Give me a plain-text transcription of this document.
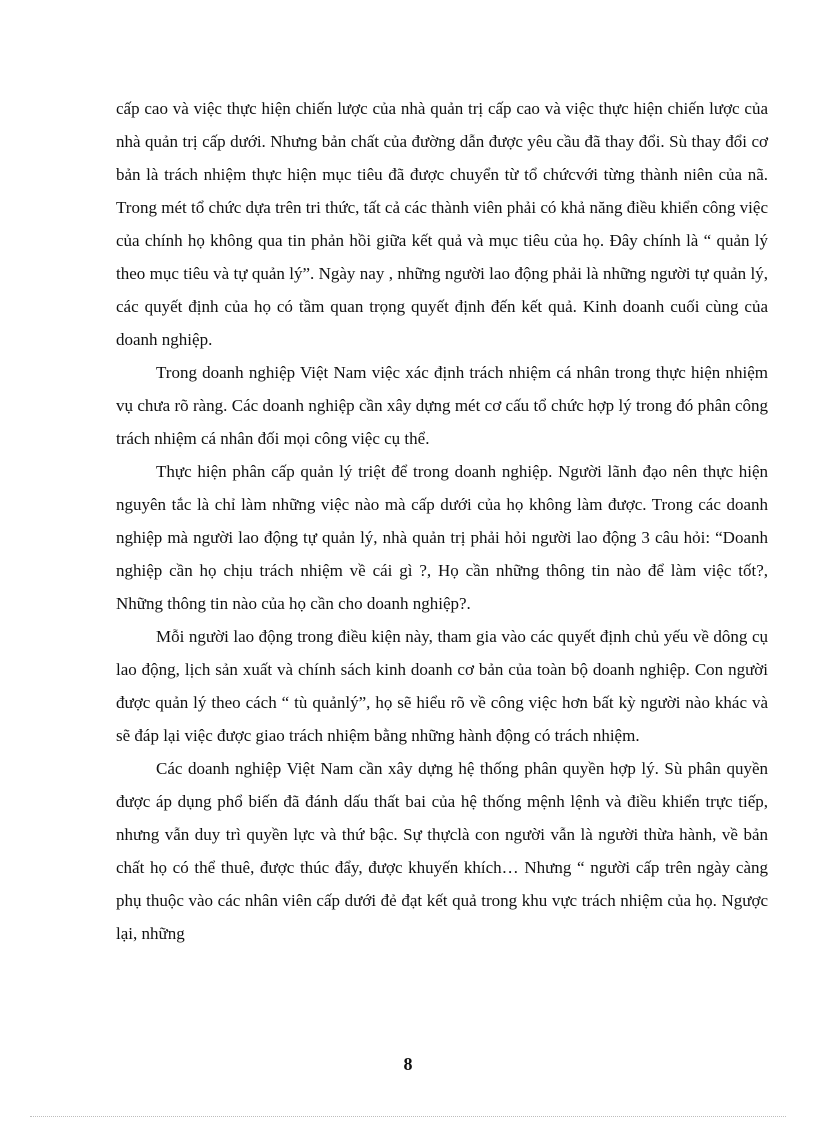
cấp cao và việc thực hiện chiến lược của nhà quản trị cấp cao và việc thực hiện chiến lược của nhà quản trị cấp dưới. Nhưng bản chất của đường dẫn được yêu cầu đã thay đổi. Sù thay đổi cơ bản là trách nhiệm thực hiện mục tiêu đã được chuyển từ tổ chứcvới từng thành niên của nã. Trong mét tổ chức dựa trên tri thức, tất cả các thành viên phải có khả năng điều khiển công việc của chính họ không qua tin phản hồi giữa kết quả và mục tiêu của họ. Đây chính là “ quản lý theo mục tiêu và tự quản lý”. Ngày nay , những người lao động phải là những người tự quản lý, các quyết định của họ có tầm quan trọng quyết định đến kết quả. Kinh doanh cuối cùng của doanh nghiệp.

Trong doanh nghiệp Việt Nam việc xác định trách nhiệm cá nhân trong thực hiện nhiệm vụ chưa rõ ràng. Các doanh nghiệp cần xây dựng mét cơ cấu tổ chức hợp lý trong đó phân công trách nhiệm cá nhân đối mọi công việc cụ thể.

Thực hiện phân cấp quản lý triệt để trong doanh nghiệp. Người lãnh đạo nên thực hiện nguyên tắc là chỉ làm những việc nào mà cấp dưới của họ không làm được. Trong các doanh nghiệp mà người lao động tự quản lý, nhà quản trị phải hỏi người lao động 3 câu hỏi: “Doanh nghiệp cần họ chịu trách nhiệm về cái gì ?, Họ cần những thông tin nào để làm việc tốt?, Những thông tin nào của họ cần cho doanh nghiệp?.

Mỗi người lao động trong điều kiện này, tham gia vào các quyết định chủ yếu về dông cụ lao động, lịch sản xuất và chính sách kinh doanh cơ bản của toàn bộ doanh nghiệp. Con người được quản lý theo cách “ tù quảnlý”, họ sẽ hiểu rõ về công việc hơn bất kỳ người nào khác và sẽ đáp lại việc được giao trách nhiệm bằng những hành động có trách nhiệm.

Các doanh nghiệp Việt Nam cần xây dựng hệ thống phân quyền hợp lý. Sù phân quyền được áp dụng phổ biến đã đánh dấu thất bai của hệ thống mệnh lệnh và điều khiển trực tiếp, nhưng vẫn duy trì quyền lực và thứ bậc. Sự thựclà con người vẫn là người thừa hành, về bản chất họ có thể thuê, được thúc đẩy, được khuyến khích… Nhưng “ người cấp trên ngày càng phụ thuộc vào các nhân viên cấp dưới đẻ đạt kết quả trong khu vực trách nhiệm của họ. Ngược lại, những

8
